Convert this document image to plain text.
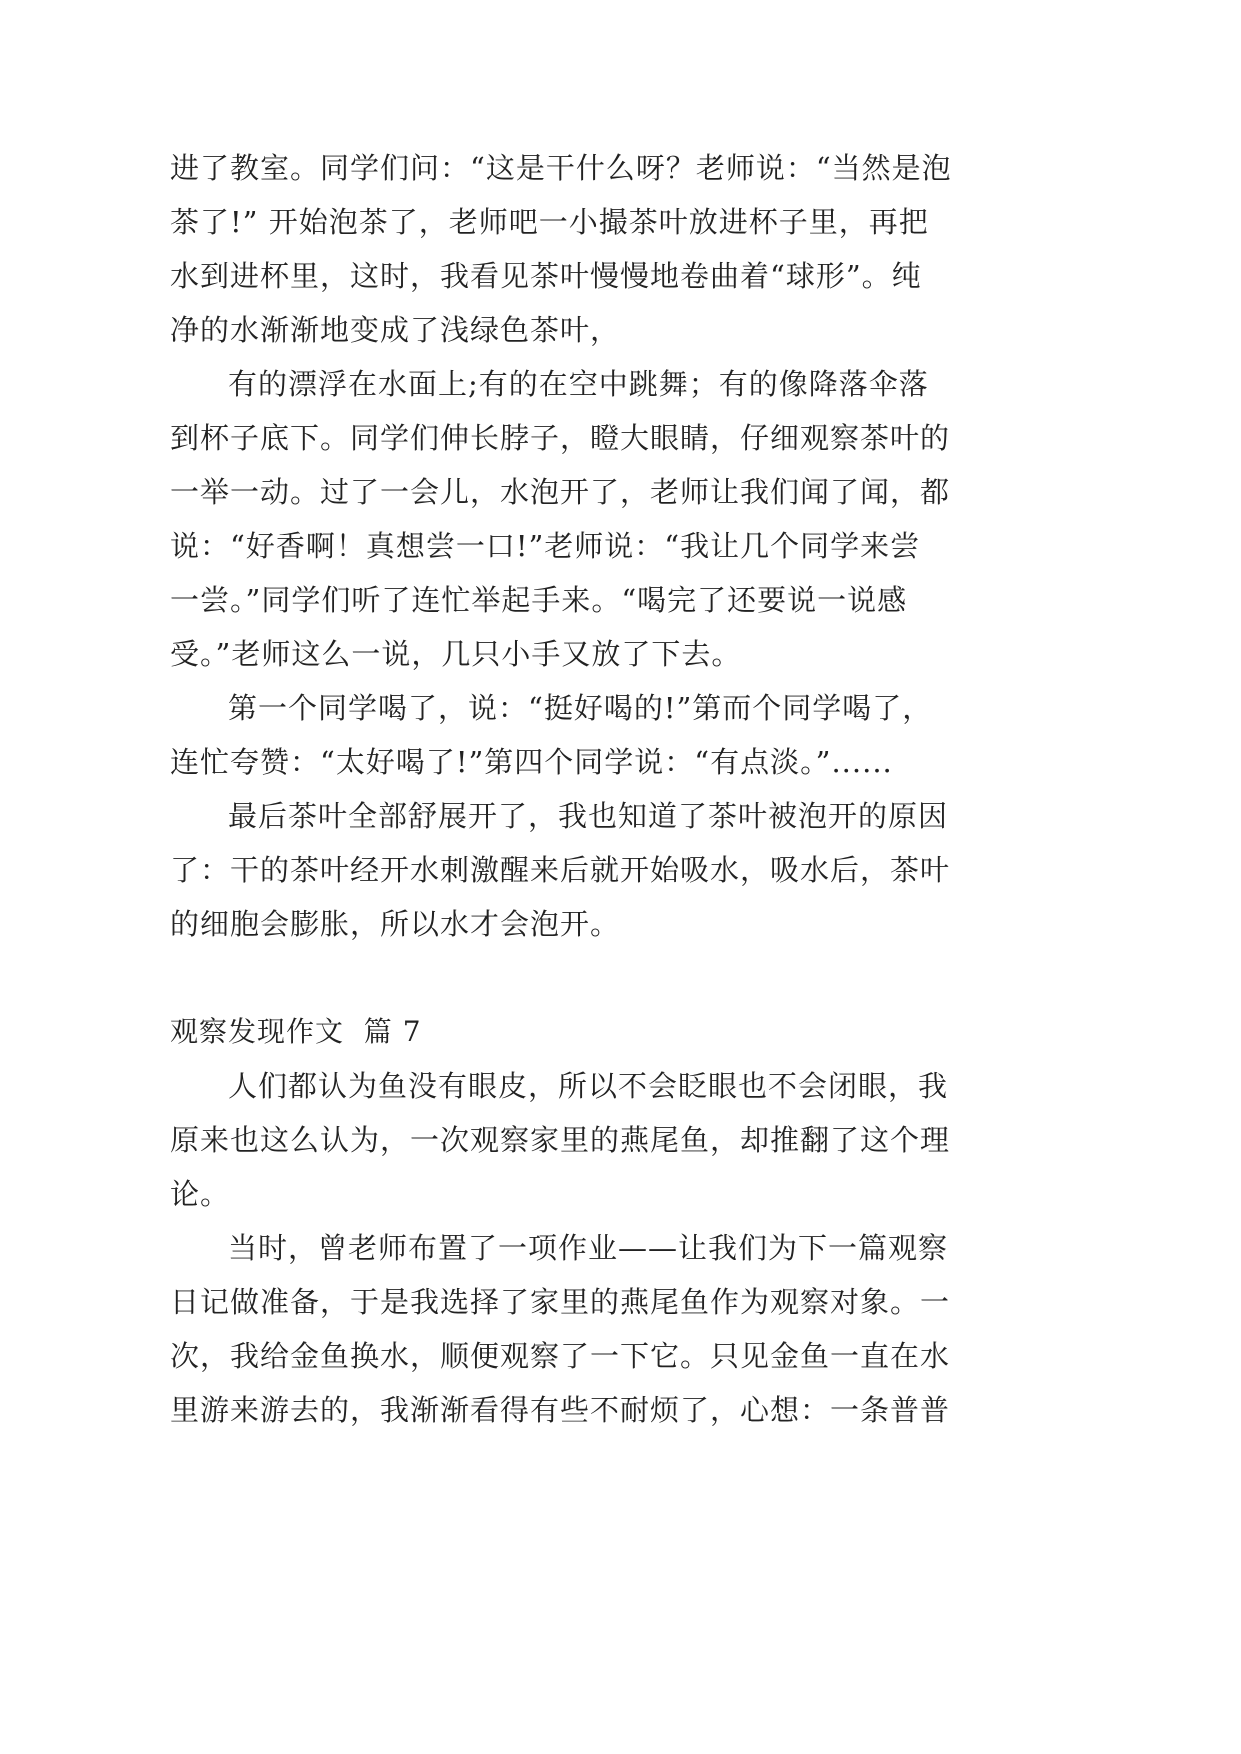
进了教室。同学们问：“这是干什么呀？老师说：“当然是泡
茶了!” 开始泡茶了，老师吧一小撮茶叶放进杯子里，再把
水到进杯里，这时，我看见茶叶慢慢地卷曲着“球形”。纯
净的水渐渐地变成了浅绿色茶叶，
有的漂浮在水面上;有的在空中跳舞；有的像降落伞落
到杯子底下。同学们伸长脖子，瞪大眼睛，仔细观察茶叶的
一举一动。过了一会儿，水泡开了，老师让我们闻了闻，都
说：“好香啊！真想尝一口!”老师说：“我让几个同学来尝
一尝。”同学们听了连忙举起手来。“喝完了还要说一说感
受。”老师这么一说，几只小手又放了下去。
第一个同学喝了，说：“挺好喝的!”第而个同学喝了，
连忙夸赞：“太好喝了!”第四个同学说：“有点淡。”......
最后茶叶全部舒展开了，我也知道了茶叶被泡开的原因
了：干的茶叶经开水刺激醒来后就开始吸水，吸水后，茶叶
的细胞会膨胀，所以水才会泡开。
观察发现作文  篇 7
人们都认为鱼没有眼皮，所以不会眨眼也不会闭眼，我
原来也这么认为，一次观察家里的燕尾鱼，却推翻了这个理
论。
当时，曾老师布置了一项作业——让我们为下一篇观察
日记做准备，于是我选择了家里的燕尾鱼作为观察对象。一
次，我给金鱼换水，顺便观察了一下它。只见金鱼一直在水
里游来游去的，我渐渐看得有些不耐烦了，心想：一条普普
